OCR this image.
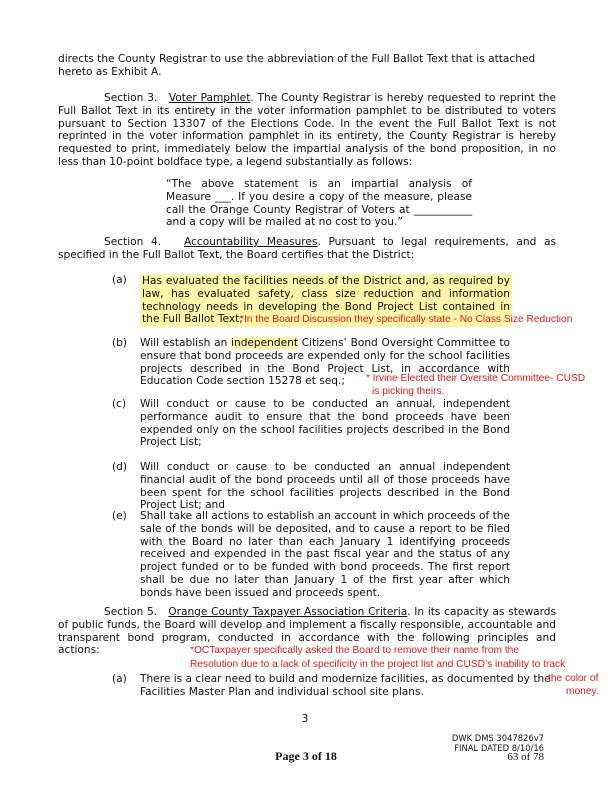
directs the County Registrar to use the abbreviation of the Full Ballot Text that is attached
hereto as Exhibit A.
Section 3. Voter Pamphlet. The County Registrar is hereby requested to reprint the Full Ballot Text in its entirety in the voter information pamphlet to be distributed to voters pursuant to Section 13307 of the Elections Code. In the event the Full Ballot Text is not reprinted in the voter information pamphlet in its entirety, the County Registrar is hereby requested to print, immediately below the impartial analysis of the bond proposition, in no less than 10-point boldface type, a legend substantially as follows:
“The above statement is an impartial analysis of Measure ___. If you desire a copy of the measure, please call the Orange County Registrar of Voters at ___________ and a copy will be mailed at no cost to you.”
Section 4. Accountability Measures. Pursuant to legal requirements, and as specified in the Full Ballot Text, the Board certifies that the District:
(a) Has evaluated the facilities needs of the District and, as required by law, has evaluated safety, class size reduction and information technology needs in developing the Bond Project List contained in the Full Ballot Text;
*In the Board Discussion they specifically state - No Class Size Reduction
(b) Will establish an independent Citizens’ Bond Oversight Committee to ensure that bond proceeds are expended only for the school facilities projects described in the Bond Project List, in accordance with Education Code section 15278 et seq.;	* Irvine Elected their Oversite Committee- CUSD
is picking theirs.
(c) Will conduct or cause to be conducted an annual, independent performance audit to ensure that the bond proceeds have been expended only on the school facilities projects described in the Bond Project List;
(d) Will conduct or cause to be conducted an annual independent financial audit of the bond proceeds until all of those proceeds have been spent for the school facilities projects described in the Bond Project List; and
(e) Shall take all actions to establish an account in which proceeds of the sale of the bonds will be deposited, and to cause a report to be filed with the Board no later than each January 1 identifying proceeds received and expended in the past fiscal year and the status of any project funded or to be funded with bond proceeds. The first report shall be due no later than January 1 of the first year after which bonds have been issued and proceeds spent.
Section 5. Orange County Taxpayer Association Criteria. In its capacity as stewards of public funds, the Board will develop and implement a fiscally responsible, accountable and transparent bond program, conducted in accordance with the following principles and actions:	*OCTaxpayer specifically asked the Board to remove their name from the
Resolution due to a lack of specificity in the project list and CUSD’s inability to track
(a) There is a clear need to build and modernize facilities, as documented by the
Facilities Master Plan and individual school site plans.
the color of
money.
3
DWK DMS 3047826v7
FINAL DATED 8/10/16
Page 3 of 18	63 of 78
